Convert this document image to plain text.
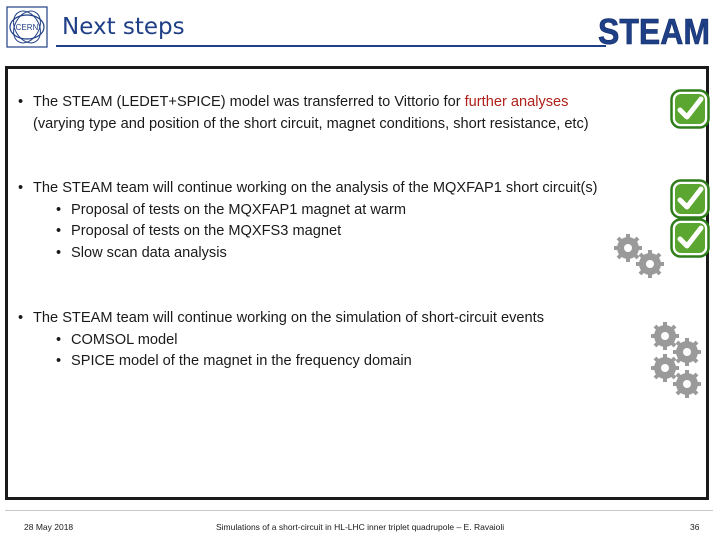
CERN Next steps	STEAM
• The STEAM (LEDET+SPICE) model was transferred to Vittorio for further analyses
(varying type and position of the short circuit, magnet conditions, short resistance, etc)
• The STEAM team will continue working on the analysis of the MQXFAP1 short circuit(s)
• Proposal of tests on the MQXFAP1 magnet at warm
• Proposal of tests on the MQXFS3 magnet
• Slow scan data analysis
• The STEAM team will continue working on the simulation of short-circuit events
• COMSOL model
• SPICE model of the magnet in the frequency domain
28 May 2018	Simulations of a short-circuit in HL-LHC inner triplet quadrupole – E. Ravaioli	36
